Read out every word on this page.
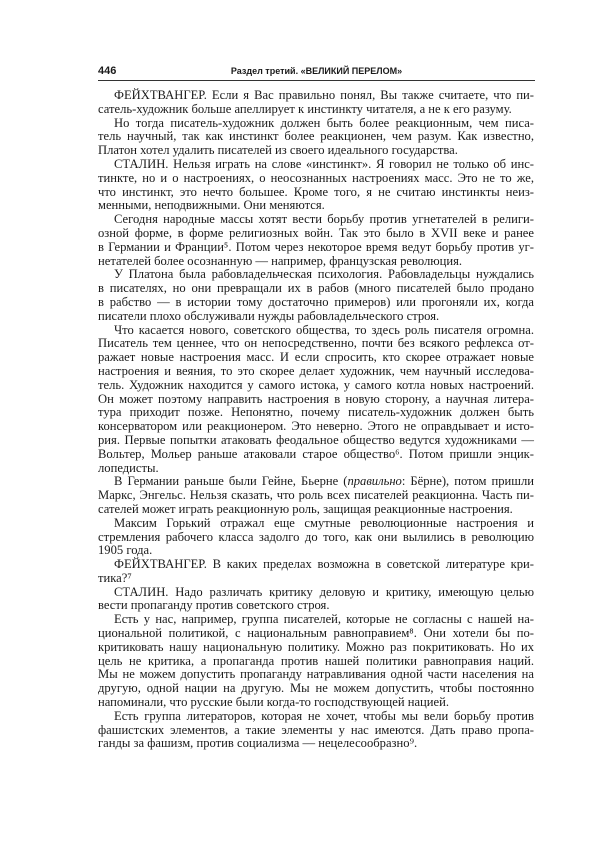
446	Раздел третий. «ВЕЛИКИЙ ПЕРЕЛОМ»
ФЕЙХТВАНГЕР. Если я Вас правильно понял, Вы также считаете, что пи-
сатель-художник больше апеллирует к инстинкту читателя, а не к его разуму.
Но тогда писатель-художник должен быть более реакционным, чем писа-
тель научный, так как инстинкт более реакционен, чем разум. Как известно,
Платон хотел удалить писателей из своего идеального государства.
СТАЛИН. Нельзя играть на слове «инстинкт». Я говорил не только об инс-
тинкте, но и о настроениях, о неосознанных настроениях масс. Это не то же,
что инстинкт, это нечто большее. Кроме того, я не считаю инстинкты неиз-
менными, неподвижными. Они меняются.
Сегодня народные массы хотят вести борьбу против угнетателей в религи-
озной форме, в форме религиозных войн. Так это было в XVII веке и ранее
в Германии и Франции⁵. Потом через некоторое время ведут борьбу против уг-
нетателей более осознанную — например, французская революция.
У Платона была рабовладельческая психология. Рабовладельцы нуждались
в писателях, но они превращали их в рабов (много писателей было продано
в рабство — в истории тому достаточно примеров) или прогоняли их, когда
писатели плохо обслуживали нужды рабовладельческого строя.
Что касается нового, советского общества, то здесь роль писателя огромна.
Писатель тем ценнее, что он непосредственно, почти без всякого рефлекса от-
ражает новые настроения масс. И если спросить, кто скорее отражает новые
настроения и веяния, то это скорее делает художник, чем научный исследова-
тель. Художник находится у самого истока, у самого котла новых настроений.
Он может поэтому направить настроения в новую сторону, а научная литера-
тура приходит позже. Непонятно, почему писатель-художник должен быть
консерватором или реакционером. Это неверно. Этого не оправдывает и исто-
рия. Первые попытки атаковать феодальное общество ведутся художниками —
Вольтер, Мольер раньше атаковали старое общество⁶. Потом пришли энцик-
лопедисты.
В Германии раньше были Гейне, Бьерне (правильно: Бёрне), потом пришли
Маркс, Энгельс. Нельзя сказать, что роль всех писателей реакционна. Часть пи-
сателей может играть реакционную роль, защищая реакционные настроения.
Максим Горький отражал еще смутные революционные настроения и
стремления рабочего класса задолго до того, как они вылились в революцию
1905 года.
ФЕЙХТВАНГЕР. В каких пределах возможна в советской литературе кри-
тика?⁷
СТАЛИН. Надо различать критику деловую и критику, имеющую целью
вести пропаганду против советского строя.
Есть у нас, например, группа писателей, которые не согласны с нашей на-
циональной политикой, с национальным равноправием⁸. Они хотели бы по-
критиковать нашу национальную политику. Можно раз покритиковать. Но их
цель не критика, а пропаганда против нашей политики равноправия наций.
Мы не можем допустить пропаганду натравливания одной части населения на
другую, одной нации на другую. Мы не можем допустить, чтобы постоянно
напоминали, что русские были когда-то господствующей нацией.
Есть группа литераторов, которая не хочет, чтобы мы вели борьбу против
фашистских элементов, а такие элементы у нас имеются. Дать право пропа-
ганды за фашизм, против социализма — нецелесообразно⁹.
